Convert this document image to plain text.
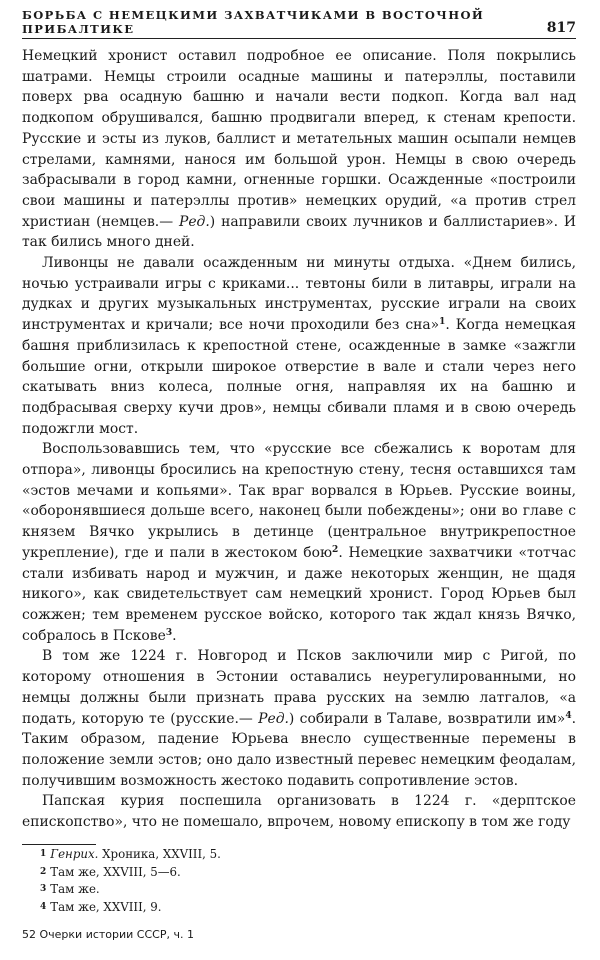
БОРЬБА С НЕМЕЦКИМИ ЗАХВАТЧИКАМИ В ВОСТОЧНОЙ ПРИБАЛТИКЕ	817

Немецкий хронист оставил подробное ее описание. Поля покрылись шатрами. Немцы строили осадные машины и патерэллы, поставили поверх рва осадную башню и начали вести подкоп. Когда вал над подкопом обрушивался, башню продвигали вперед, к стенам крепости. Русские и эсты из луков, баллист и метательных машин осыпали немцев стрелами, камнями, нанося им большой урон. Немцы в свою очередь забрасывали в город камни, огненные горшки. Осажденные «построили свои машины и патерэллы против» немецких орудий, «а против стрел христиан (немцев.— Ред.) направили своих лучников и баллистариев». И так бились много дней.

Ливонцы не давали осажденным ни минуты отдыха. «Днем бились, ночью устраивали игры с криками... тевтоны били в литавры, играли на дудках и других музыкальных инструментах, русские играли на своих инструментах и кричали; все ночи проходили без сна»$^1$. Когда немецкая башня приблизилась к крепостной стене, осажденные в замке «зажгли большие огни, открыли широкое отверстие в вале и стали через него скатывать вниз колеса, полные огня, направляя их на башню и подбрасывая сверху кучи дров», немцы сбивали пламя и в свою очередь подожгли мост.

Воспользовавшись тем, что «русские все сбежались к воротам для отпора», ливонцы бросились на крепостную стену, тесня оставшихся там «эстов мечами и копьями». Так враг ворвался в Юрьев. Русские воины, «оборонявшиеся дольше всего, наконец были побеждены»; они во главе с князем Вячко укрылись в детинце (центральное внутрикрепостное укрепление), где и пали в жестоком бою$^2$. Немецкие захватчики «тотчас стали избивать народ и мужчин, и даже некоторых женщин, не щадя никого», как свидетельствует сам немецкий хронист. Город Юрьев был сожжен; тем временем русское войско, которого так ждал князь Вячко, собралось в Пскове$^3$.

В том же 1224 г. Новгород и Псков заключили мир с Ригой, по которому отношения в Эстонии оставались неурегулированными, но немцы должны были признать права русских на землю латгалов, «а подать, которую те (русские.— Ред.) собирали в Талаве, возвратили им»$^4$. Таким образом, падение Юрьева внесло существенные перемены в положение земли эстов; оно дало известный перевес немецким феодалам, получившим возможность жестоко подавить сопротивление эстов.

Папская курия поспешила организовать в 1224 г. «дерптское епископство», что не помешало, впрочем, новому епископу в том же году

1 Генрих. Хроника, XXVIII, 5.
2 Там же, XXVIII, 5—6.
3 Там же.
4 Там же, XXVIII, 9.
52 Очерки истории СССР, ч. 1
